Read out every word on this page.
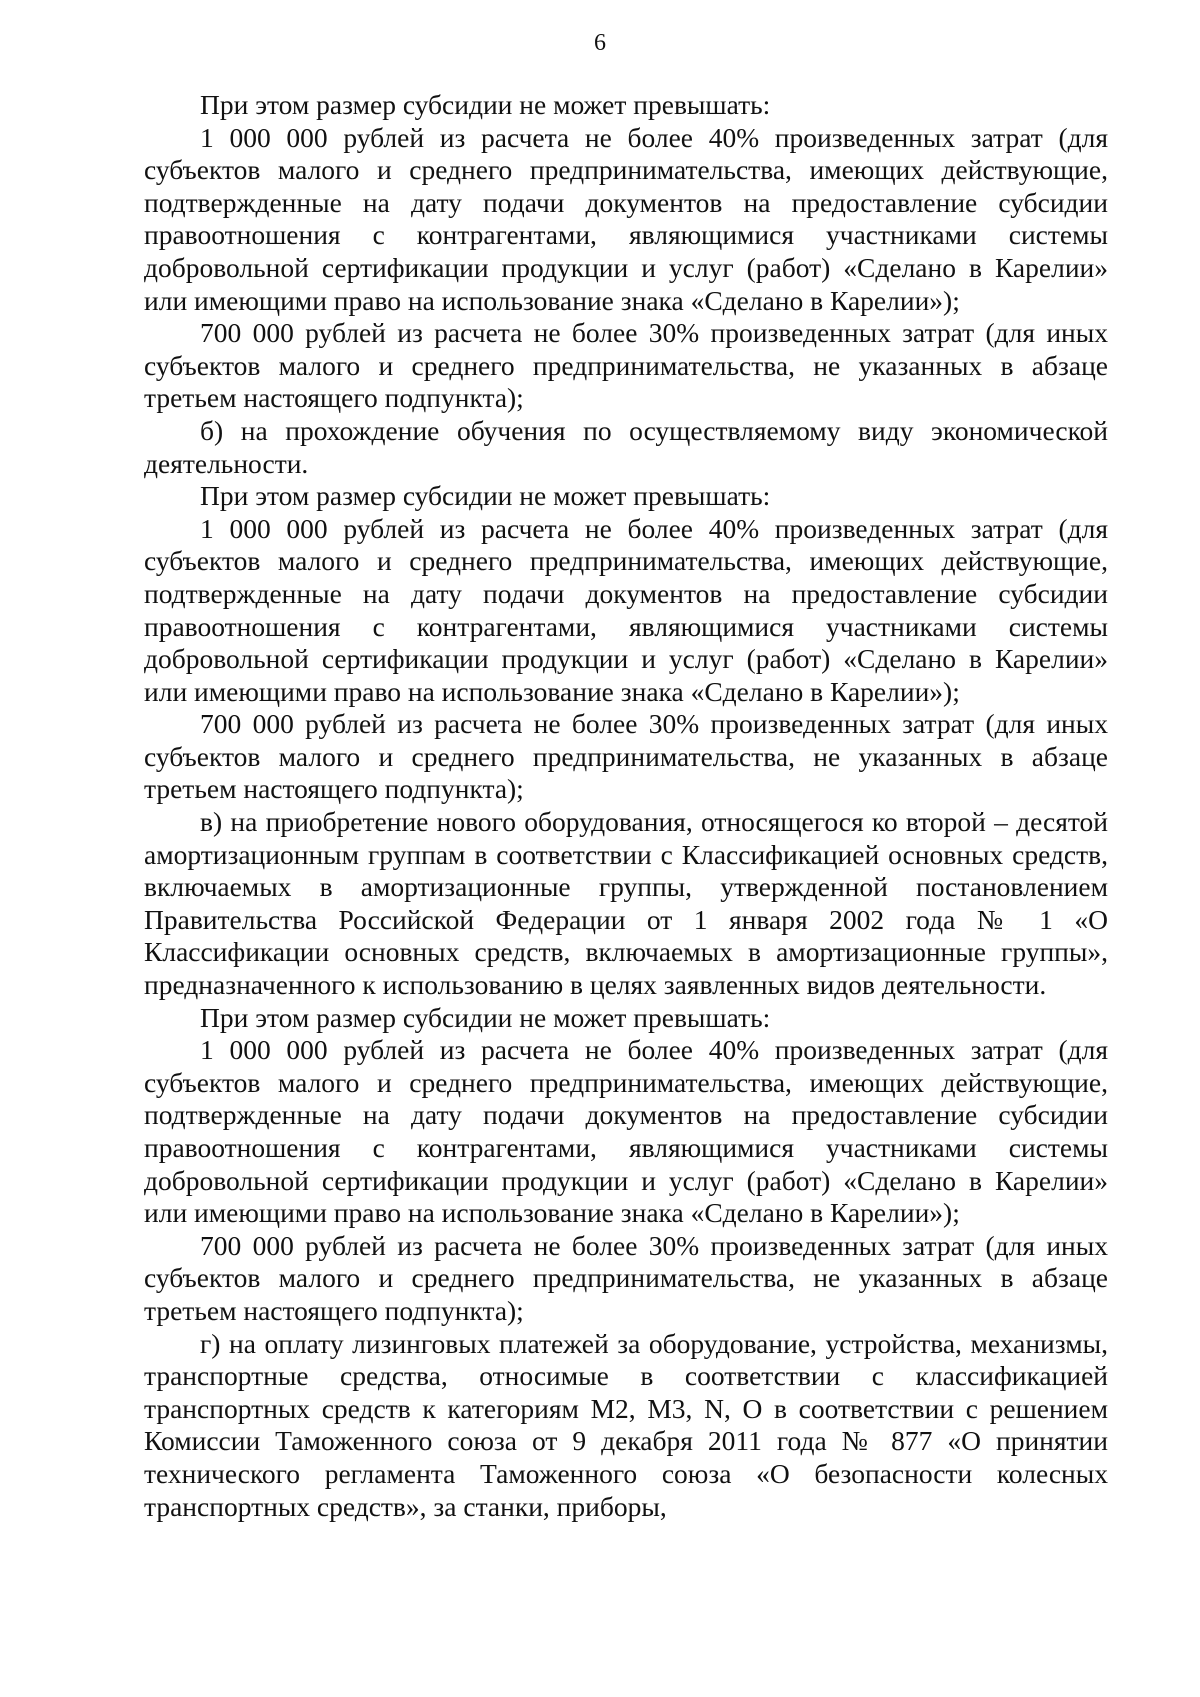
6

При этом размер субсидии не может превышать:

1 000 000 рублей из расчета не более 40% произведенных затрат (для субъектов малого и среднего предпринимательства, имеющих действующие, подтвержденные на дату подачи документов на предоставление субсидии правоотношения с контрагентами, являющимися участниками системы добровольной сертификации продукции и услуг (работ) «Сделано в Карелии» или имеющими право на использование знака «Сделано в Карелии»);

700 000 рублей из расчета не более 30% произведенных затрат (для иных субъектов малого и среднего предпринимательства, не указанных в абзаце третьем настоящего подпункта);

б) на прохождение обучения по осуществляемому виду экономической деятельности.

При этом размер субсидии не может превышать:

1 000 000 рублей из расчета не более 40% произведенных затрат (для субъектов малого и среднего предпринимательства, имеющих действующие, подтвержденные на дату подачи документов на предоставление субсидии правоотношения с контрагентами, являющимися участниками системы добровольной сертификации продукции и услуг (работ) «Сделано в Карелии» или имеющими право на использование знака «Сделано в Карелии»);

700 000 рублей из расчета не более 30% произведенных затрат (для иных субъектов малого и среднего предпринимательства, не указанных в абзаце третьем настоящего подпункта);

в) на приобретение нового оборудования, относящегося ко второй – десятой амортизационным группам в соответствии с Классификацией основных средств, включаемых в амортизационные группы, утвержденной постановлением Правительства Российской Федерации от 1 января 2002 года № 1 «О Классификации основных средств, включаемых в амортизационные группы», предназначенного к использованию в целях заявленных видов деятельности.

При этом размер субсидии не может превышать:

1 000 000 рублей из расчета не более 40% произведенных затрат (для субъектов малого и среднего предпринимательства, имеющих действующие, подтвержденные на дату подачи документов на предоставление субсидии правоотношения с контрагентами, являющимися участниками системы добровольной сертификации продукции и услуг (работ) «Сделано в Карелии» или имеющими право на использование знака «Сделано в Карелии»);

700 000 рублей из расчета не более 30% произведенных затрат (для иных субъектов малого и среднего предпринимательства, не указанных в абзаце третьем настоящего подпункта);

г) на оплату лизинговых платежей за оборудование, устройства, механизмы, транспортные средства, относимые в соответствии с классификацией транспортных средств к категориям М2, М3, N, O в соответствии с решением Комиссии Таможенного союза от 9 декабря 2011 года № 877 «О принятии технического регламента Таможенного союза «О безопасности колесных транспортных средств», за станки, приборы,
